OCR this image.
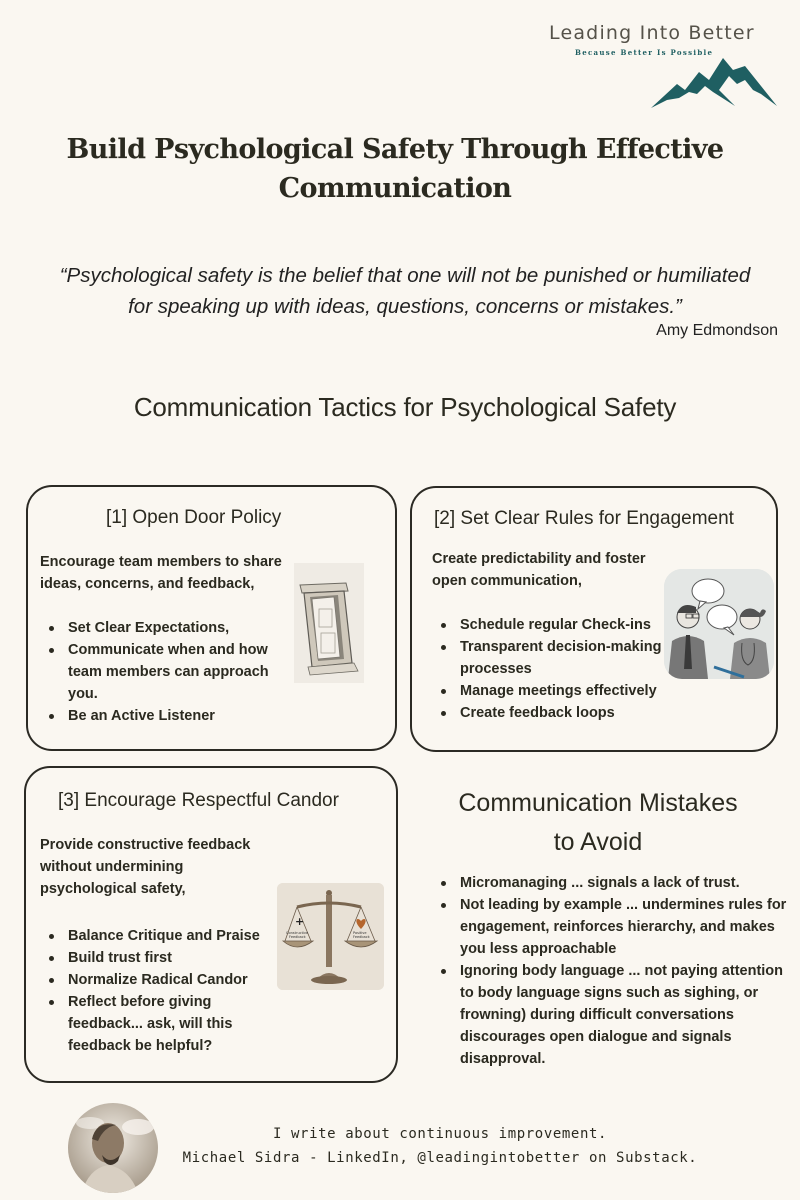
Leading Into Better
Because Better Is Possible
Build Psychological Safety Through Effective
Communication
“Psychological safety is the belief that one will not be punished or humiliated
for speaking up with ideas, questions, concerns or mistakes.”
Amy Edmondson
Communication Tactics for Psychological Safety
[1] Open Door Policy
Encourage team members to share
ideas, concerns, and feedback,
Set Clear Expectations,
Communicate when and how team members can approach you.
Be an Active Listener
[2] Set Clear Rules for Engagement
Create predictability and foster
open communication,
Schedule regular Check-ins
Transparent decision-making processes
Manage meetings effectively
Create feedback loops
[3] Encourage Respectful Candor
Provide constructive feedback
without undermining
psychological safety,
Balance Critique and Praise
Build trust first
Normalize Radical Candor
Reflect before giving feedback... ask, will this feedback be helpful?
+
Constructive
Feedback
Positive
Feedback
Communication Mistakes
to Avoid
Micromanaging ... signals a lack of trust.
Not leading by example ... undermines rules for engagement, reinforces hierarchy, and makes you less approachable
Ignoring body language ... not paying attention to body language signs such as sighing, or frowning) during difficult conversations discourages open dialogue and signals disapproval.
I write about continuous improvement.
Michael Sidra - LinkedIn, @leadingintobetter on Substack.
